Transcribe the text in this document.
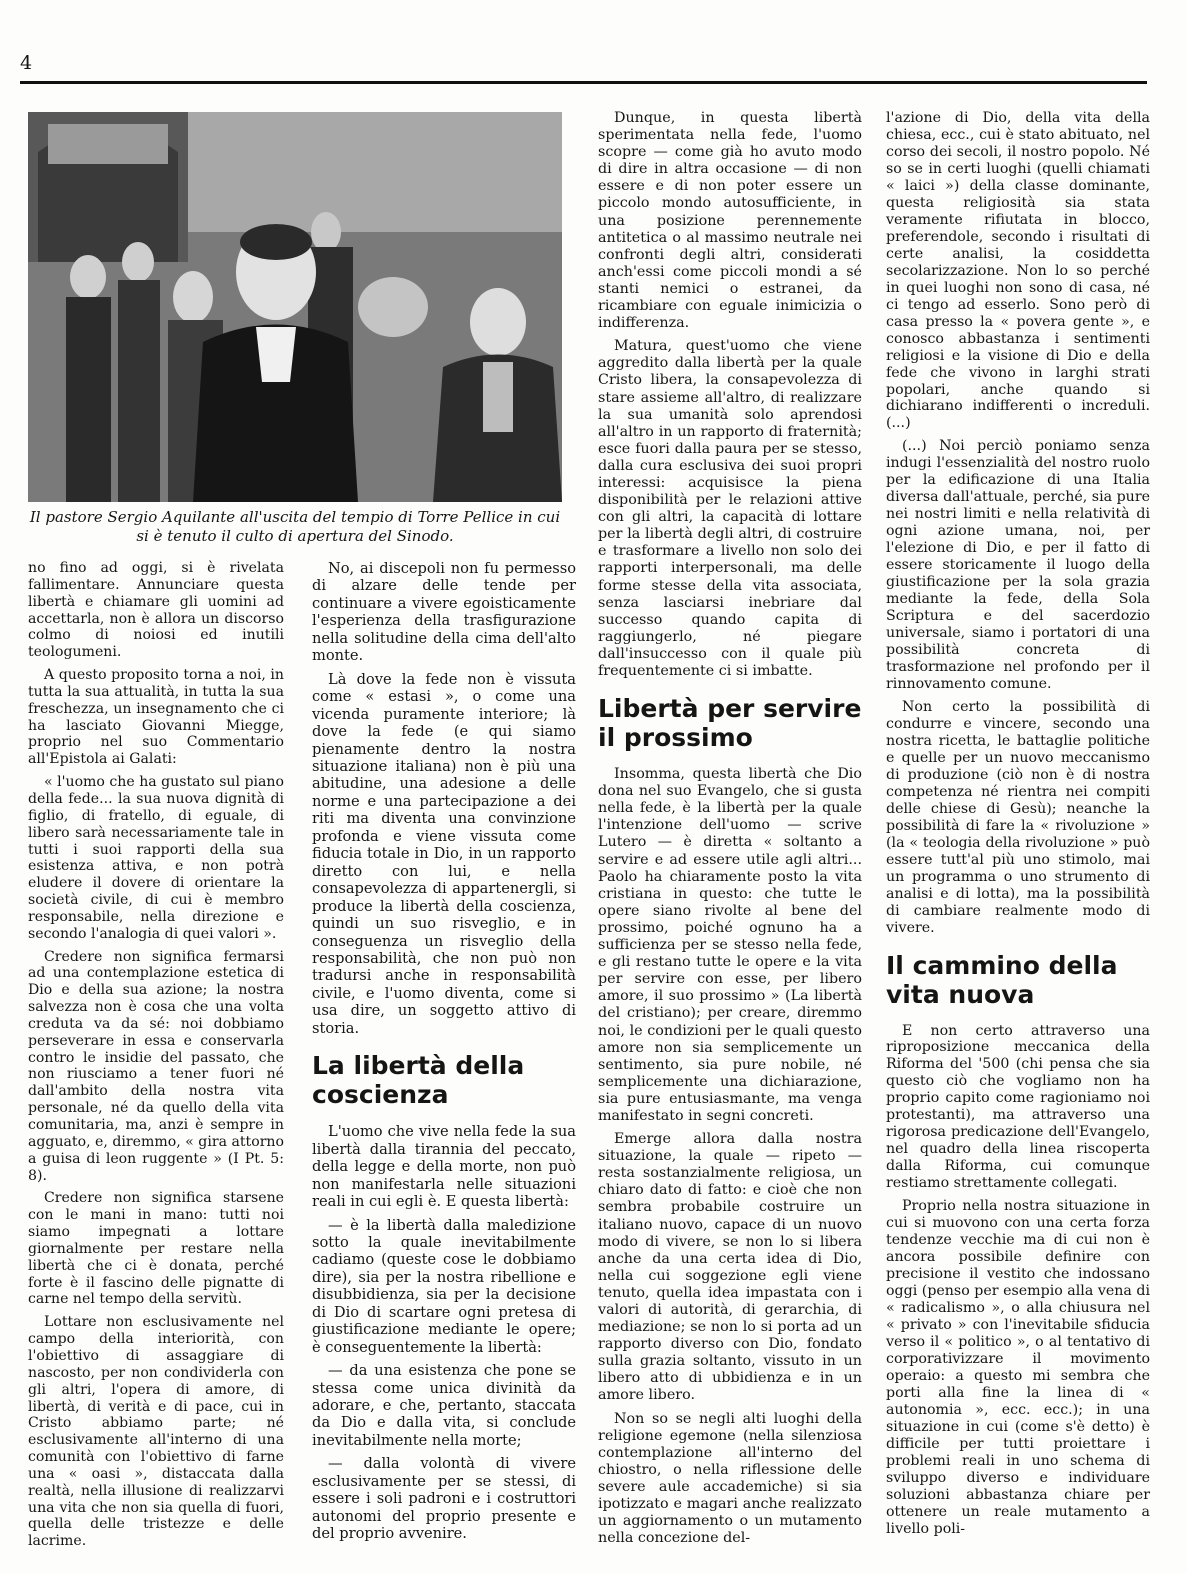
4
Il pastore Sergio Aquilante all'uscita del tempio di Torre Pellice in cui si è tenuto il culto di apertura del Sinodo.

no fino ad oggi, si è rivelata fallimentare. Annunciare questa libertà e chiamare gli uomini ad accettarla, non è allora un discorso colmo di noiosi ed inutili teologumeni.

A questo proposito torna a noi, in tutta la sua attualità, in tutta la sua freschezza, un insegnamento che ci ha lasciato Giovanni Miegge, proprio nel suo Commentario all'Epistola ai Galati:

« l'uomo che ha gustato sul piano della fede... la sua nuova dignità di figlio, di fratello, di eguale, di libero sarà necessariamente tale in tutti i suoi rapporti della sua esistenza attiva, e non potrà eludere il dovere di orientare la società civile, di cui è membro responsabile, nella direzione e secondo l'analogia di quei valori ».

Credere non significa fermarsi ad una contemplazione estetica di Dio e della sua azione; la nostra salvezza non è cosa che una volta creduta va da sé: noi dobbiamo perseverare in essa e conservarla contro le insidie del passato, che non riusciamo a tener fuori né dall'ambito della nostra vita personale, né da quello della vita comunitaria, ma, anzi è sempre in agguato, e, diremmo, « gira attorno a guisa di leon ruggente » (I Pt. 5: 8).

Credere non significa starsene con le mani in mano: tutti noi siamo impegnati a lottare giornalmente per restare nella libertà che ci è donata, perché forte è il fascino delle pignatte di carne nel tempo della servitù.

Lottare non esclusivamente nel campo della interiorità, con l'obiettivo di assaggiare di nascosto, per non condividerla con gli altri, l'opera di amore, di libertà, di verità e di pace, cui in Cristo abbiamo parte; né esclusivamente all'interno di una comunità con l'obiettivo di farne una « oasi », distaccata dalla realtà, nella illusione di realizzarvi una vita che non sia quella di fuori, quella delle tristezze e delle lacrime.

No, ai discepoli non fu permesso di alzare delle tende per continuare a vivere egoisticamente l'esperienza della trasfigurazione nella solitudine della cima dell'alto monte.

Là dove la fede non è vissuta come « estasi », o come una vicenda puramente interiore; là dove la fede (e qui siamo pienamente dentro la nostra situazione italiana) non è più una abitudine, una adesione a delle norme e una partecipazione a dei riti ma diventa una convinzione profonda e viene vissuta come fiducia totale in Dio, in un rapporto diretto con lui, e nella consapevolezza di appartenergli, si produce la libertà della coscienza, quindi un suo risveglio, e in conseguenza un risveglio della responsabilità, che non può non tradursi anche in responsabilità civile, e l'uomo diventa, come si usa dire, un soggetto attivo di storia.

La libertà della coscienza

L'uomo che vive nella fede la sua libertà dalla tirannia del peccato, della legge e della morte, non può non manifestarla nelle situazioni reali in cui egli è. E questa libertà:

— è la libertà dalla maledizione sotto la quale inevitabilmente cadiamo (queste cose le dobbiamo dire), sia per la nostra ribellione e disubbidienza, sia per la decisione di Dio di scartare ogni pretesa di giustificazione mediante le opere; è conseguentemente la libertà:

— da una esistenza che pone se stessa come unica divinità da adorare, e che, pertanto, staccata da Dio e dalla vita, si conclude inevitabilmente nella morte;

— dalla volontà di vivere esclusivamente per se stessi, di essere i soli padroni e i costruttori autonomi del proprio presente e del proprio avvenire.

Dunque, in questa libertà sperimentata nella fede, l'uomo scopre — come già ho avuto modo di dire in altra occasione — di non essere e di non poter essere un piccolo mondo autosufficiente, in una posizione perennemente antitetica o al massimo neutrale nei confronti degli altri, considerati anch'essi come piccoli mondi a sé stanti nemici o estranei, da ricambiare con eguale inimicizia o indifferenza.

Matura, quest'uomo che viene aggredito dalla libertà per la quale Cristo libera, la consapevolezza di stare assieme all'altro, di realizzare la sua umanità solo aprendosi all'altro in un rapporto di fraternità; esce fuori dalla paura per se stesso, dalla cura esclusiva dei suoi propri interessi: acquisisce la piena disponibilità per le relazioni attive con gli altri, la capacità di lottare per la libertà degli altri, di costruire e trasformare a livello non solo dei rapporti interpersonali, ma delle forme stesse della vita associata, senza lasciarsi inebriare dal successo quando capita di raggiungerlo, né piegare dall'insuccesso con il quale più frequentemente ci si imbatte.

Libertà per servire il prossimo

Insomma, questa libertà che Dio dona nel suo Evangelo, che si gusta nella fede, è la libertà per la quale l'intenzione dell'uomo — scrive Lutero — è diretta « soltanto a servire e ad essere utile agli altri... Paolo ha chiaramente posto la vita cristiana in questo: che tutte le opere siano rivolte al bene del prossimo, poiché ognuno ha a sufficienza per se stesso nella fede, e gli restano tutte le opere e la vita per servire con esse, per libero amore, il suo prossimo » (La libertà del cristiano); per creare, diremmo noi, le condizioni per le quali questo amore non sia semplicemente un sentimento, sia pure nobile, né semplicemente una dichiarazione, sia pure entusiasmante, ma venga manifestato in segni concreti.

Emerge allora dalla nostra situazione, la quale — ripeto — resta sostanzialmente religiosa, un chiaro dato di fatto: e cioè che non sembra probabile costruire un italiano nuovo, capace di un nuovo modo di vivere, se non lo si libera anche da una certa idea di Dio, nella cui soggezione egli viene tenuto, quella idea impastata con i valori di autorità, di gerarchia, di mediazione; se non lo si porta ad un rapporto diverso con Dio, fondato sulla grazia soltanto, vissuto in un libero atto di ubbidienza e in un amore libero.

Non so se negli alti luoghi della religione egemone (nella silenziosa contemplazione all'interno del chiostro, o nella riflessione delle severe aule accademiche) si sia ipotizzato e magari anche realizzato un aggiornamento o un mutamento nella concezione del-

l'azione di Dio, della vita della chiesa, ecc., cui è stato abituato, nel corso dei secoli, il nostro popolo. Né so se in certi luoghi (quelli chiamati « laici ») della classe dominante, questa religiosità sia stata veramente rifiutata in blocco, preferendole, secondo i risultati di certe analisi, la cosiddetta secolarizzazione. Non lo so perché in quei luoghi non sono di casa, né ci tengo ad esserlo. Sono però di casa presso la « povera gente », e conosco abbastanza i sentimenti religiosi e la visione di Dio e della fede che vivono in larghi strati popolari, anche quando si dichiarano indifferenti o increduli. (...)

(...) Noi perciò poniamo senza indugi l'essenzialità del nostro ruolo per la edificazione di una Italia diversa dall'attuale, perché, sia pure nei nostri limiti e nella relatività di ogni azione umana, noi, per l'elezione di Dio, e per il fatto di essere storicamente il luogo della giustificazione per la sola grazia mediante la fede, della Sola Scriptura e del sacerdozio universale, siamo i portatori di una possibilità concreta di trasformazione nel profondo per il rinnovamento comune.

Non certo la possibilità di condurre e vincere, secondo una nostra ricetta, le battaglie politiche e quelle per un nuovo meccanismo di produzione (ciò non è di nostra competenza né rientra nei compiti delle chiese di Gesù); neanche la possibilità di fare la « rivoluzione » (la « teologia della rivoluzione » può essere tutt'al più uno stimolo, mai un programma o uno strumento di analisi e di lotta), ma la possibilità di cambiare realmente modo di vivere.

Il cammino della vita nuova

E non certo attraverso una riproposizione meccanica della Riforma del '500 (chi pensa che sia questo ciò che vogliamo non ha proprio capito come ragioniamo noi protestanti), ma attraverso una rigorosa predicazione dell'Evangelo, nel quadro della linea riscoperta dalla Riforma, cui comunque restiamo strettamente collegati.

Proprio nella nostra situazione in cui si muovono con una certa forza tendenze vecchie ma di cui non è ancora possibile definire con precisione il vestito che indossano oggi (penso per esempio alla vena di « radicalismo », o alla chiusura nel « privato » con l'inevitabile sfiducia verso il « politico », o al tentativo di corporativizzare il movimento operaio: a questo mi sembra che porti alla fine la linea di « autonomia », ecc. ecc.); in una situazione in cui (come s'è detto) è difficile per tutti proiettare i problemi reali in uno schema di sviluppo diverso e individuare soluzioni abbastanza chiare per ottenere un reale mutamento a livello poli-
